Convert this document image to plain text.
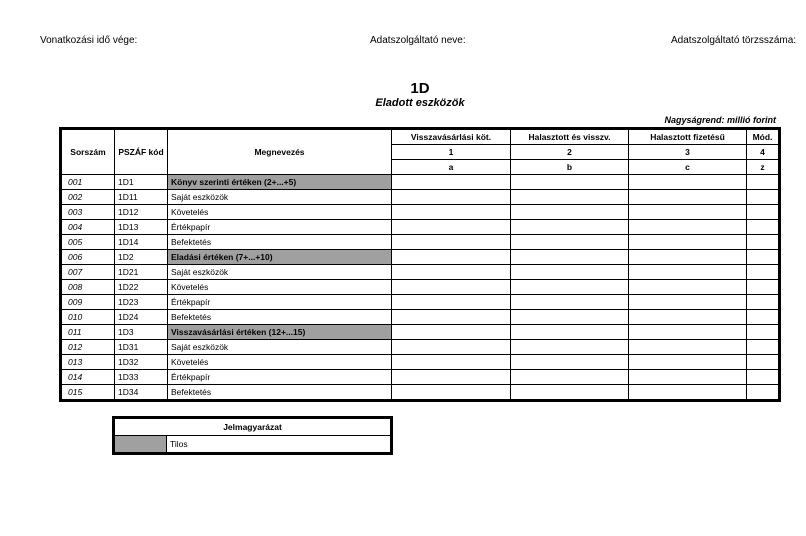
Vonatkozási idő vége:	Adatszolgáltató neve:	Adatszolgáltató törzsszáma:
1D
Eladott eszközök
Nagyságrend: millió forint
Sorszám	PSZÁF kód	Megnevezés	Visszavásárlási köt.	Halasztott és visszv.	Halasztott fizetésű	Mód.
			1	2	3	4
			a	b	c	z
001	1D1	Könyv szerinti értéken (2+...+5)				
002	1D11	Saját eszközök				
003	1D12	Követelés				
004	1D13	Értékpapír				
005	1D14	Befektetés				
006	1D2	Eladási értéken (7+...+10)				
007	1D21	Saját eszközök				
008	1D22	Követelés				
009	1D23	Értékpapír				
010	1D24	Befektetés				
011	1D3	Visszavásárlási értéken (12+...15)				
012	1D31	Saját eszközök				
013	1D32	Követelés				
014	1D33	Értékpapír				
015	1D34	Befektetés				
Jelmagyarázat
	Tilos
